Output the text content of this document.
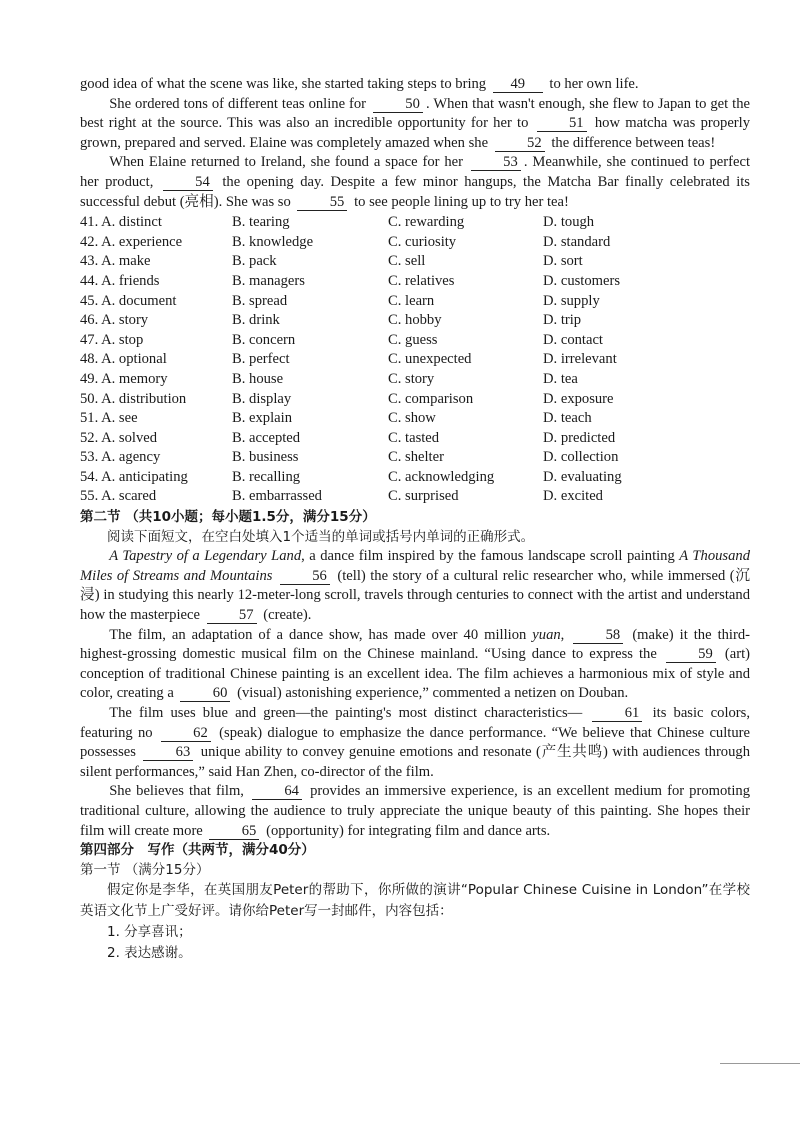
good idea of what the scene was like, she started taking steps to bring 49 to her own life.

She ordered tons of different teas online for 50 . When that wasn't enough, she flew to Japan to get the best right at the source. This was also an incredible opportunity for her to 51 how matcha was properly grown, prepared and served. Elaine was completely amazed when she 52 the difference between teas!

When Elaine returned to Ireland, she found a space for her 53 . Meanwhile, she continued to perfect her product, 54 the opening day. Despite a few minor hangups, the Matcha Bar finally celebrated its successful debut (亮相). She was so 55 to see people lining up to try her tea!

41. A. distinct	B. tearing	C. rewarding	D. tough
42. A. experience	B. knowledge	C. curiosity	D. standard
43. A. make	B. pack	C. sell	D. sort
44. A. friends	B. managers	C. relatives	D. customers
45. A. document	B. spread	C. learn	D. supply
46. A. story	B. drink	C. hobby	D. trip
47. A. stop	B. concern	C. guess	D. contact
48. A. optional	B. perfect	C. unexpected	D. irrelevant
49. A. memory	B. house	C. story	D. tea
50. A. distribution	B. display	C. comparison	D. exposure
51. A. see	B. explain	C. show	D. teach
52. A. solved	B. accepted	C. tasted	D. predicted
53. A. agency	B. business	C. shelter	D. collection
54. A. anticipating	B. recalling	C. acknowledging	D. evaluating
55. A. scared	B. embarrassed	C. surprised	D. excited
第二节 （共10小题；每小题1.5分，满分15分）

阅读下面短文，在空白处填入1个适当的单词或括号内单词的正确形式。

A Tapestry of a Legendary Land, a dance film inspired by the famous landscape scroll painting A Thousand Miles of Streams and Mountains	56 (tell) the story of a cultural relic researcher who, while immersed (沉浸) in studying this nearly 12-meter-long scroll, travels through centuries to connect with the artist and understand how the masterpiece 57 (create).

The film, an adaptation of a dance show, has made over 40 million yuan, 58 (make) it the third-highest-grossing domestic musical film on the Chinese mainland. “Using dance to express the 59 (art) conception of traditional Chinese painting is an excellent idea. The film achieves a harmonious mix of style and color, creating a 60 (visual) astonishing experience,” commented a netizen on Douban.

The film uses blue and green—the painting's most distinct characteristics— 61 its basic colors, featuring no 62 (speak) dialogue to emphasize the dance performance. “We believe that Chinese culture possesses 63 unique ability to convey genuine emotions and resonate (产生共鸣) with audiences through silent performances,” said Han Zhen, co-director of the film.

She believes that film, 64 provides an immersive experience, is an excellent medium for promoting traditional culture, allowing the audience to truly appreciate the unique beauty of this painting. She hopes their film will create more 65 (opportunity) for integrating film and dance arts.

第四部分　写作（共两节，满分40分）
第一节 （满分15分）

假定你是李华，在英国朋友Peter的帮助下，你所做的演讲“Popular Chinese Cuisine in London”在学校英语文化节上广受好评。请你给Peter写一封邮件，内容包括：

1. 分享喜讯；

2. 表达感谢。
